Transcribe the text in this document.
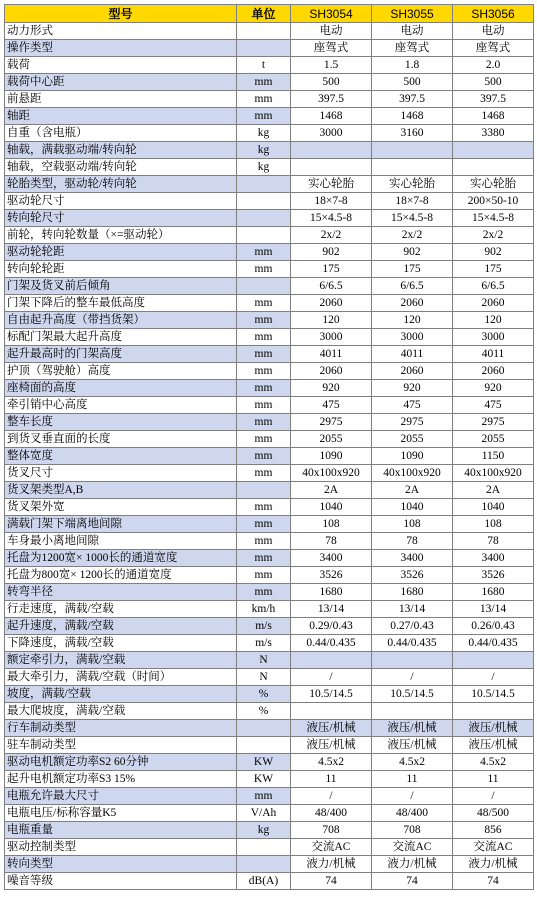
型号	单位	SH3054	SH3055	SH3056
动力形式		电动	电动	电动
操作类型		座驾式	座驾式	座驾式
载荷	t	1.5	1.8	2.0
载荷中心距	mm	500	500	500
前悬距	mm	397.5	397.5	397.5
轴距	mm	1468	1468	1468
自重（含电瓶）	kg	3000	3160	3380
轴载，满载驱动端/转向轮	kg			
轴载，空载驱动端/转向轮	kg			
轮胎类型，驱动轮/转向轮		实心轮胎	实心轮胎	实心轮胎
驱动轮尺寸		18×7-8	18×7-8	200×50-10
转向轮尺寸		15×4.5-8	15×4.5-8	15×4.5-8
前轮，转向轮数量（×=驱动轮）		2x/2	2x/2	2x/2
驱动轮轮距	mm	902	902	902
转向轮轮距	mm	175	175	175
门架及货叉前后倾角		6/6.5	6/6.5	6/6.5
门架下降后的整车最低高度	mm	2060	2060	2060
自由起升高度（带挡货架）	mm	120	120	120
标配门架最大起升高度	mm	3000	3000	3000
起升最高时的门架高度	mm	4011	4011	4011
护顶（驾驶舱）高度	mm	2060	2060	2060
座椅面的高度	mm	920	920	920
牵引销中心高度	mm	475	475	475
整车长度	mm	2975	2975	2975
到货叉垂直面的长度	mm	2055	2055	2055
整体宽度	mm	1090	1090	1150
货叉尺寸	mm	40x100x920	40x100x920	40x100x920
货叉架类型A,B		2A	2A	2A
货叉架外宽	mm	1040	1040	1040
满载门架下端离地间隙	mm	108	108	108
车身最小离地间隙	mm	78	78	78
托盘为1200宽× 1000长的通道宽度	mm	3400	3400	3400
托盘为800宽× 1200长的通道宽度	mm	3526	3526	3526
转弯半径	mm	1680	1680	1680
行走速度，满载/空载	km/h	13/14	13/14	13/14
起升速度，满载/空载	m/s	0.29/0.43	0.27/0.43	0.26/0.43
下降速度，满载/空载	m/s	0.44/0.435	0.44/0.435	0.44/0.435
额定牵引力，满载/空载	N			
最大牵引力，满载/空载（时间）	N	/	/	/
坡度，满载/空载	%	10.5/14.5	10.5/14.5	10.5/14.5
最大爬坡度，满载/空载	%			
行车制动类型		液压/机械	液压/机械	液压/机械
驻车制动类型		液压/机械	液压/机械	液压/机械
驱动电机额定功率S2 60分钟	KW	4.5x2	4.5x2	4.5x2
起升电机额定功率S3 15%	KW	11	11	11
电瓶允许最大尺寸	mm	/	/	/
电瓶电压/标称容量K5	V/Ah	48/400	48/400	48/500
电瓶重量	kg	708	708	856
驱动控制类型		交流AC	交流AC	交流AC
转向类型		液力/机械	液力/机械	液力/机械
噪音等级	dB(A)	74	74	74
